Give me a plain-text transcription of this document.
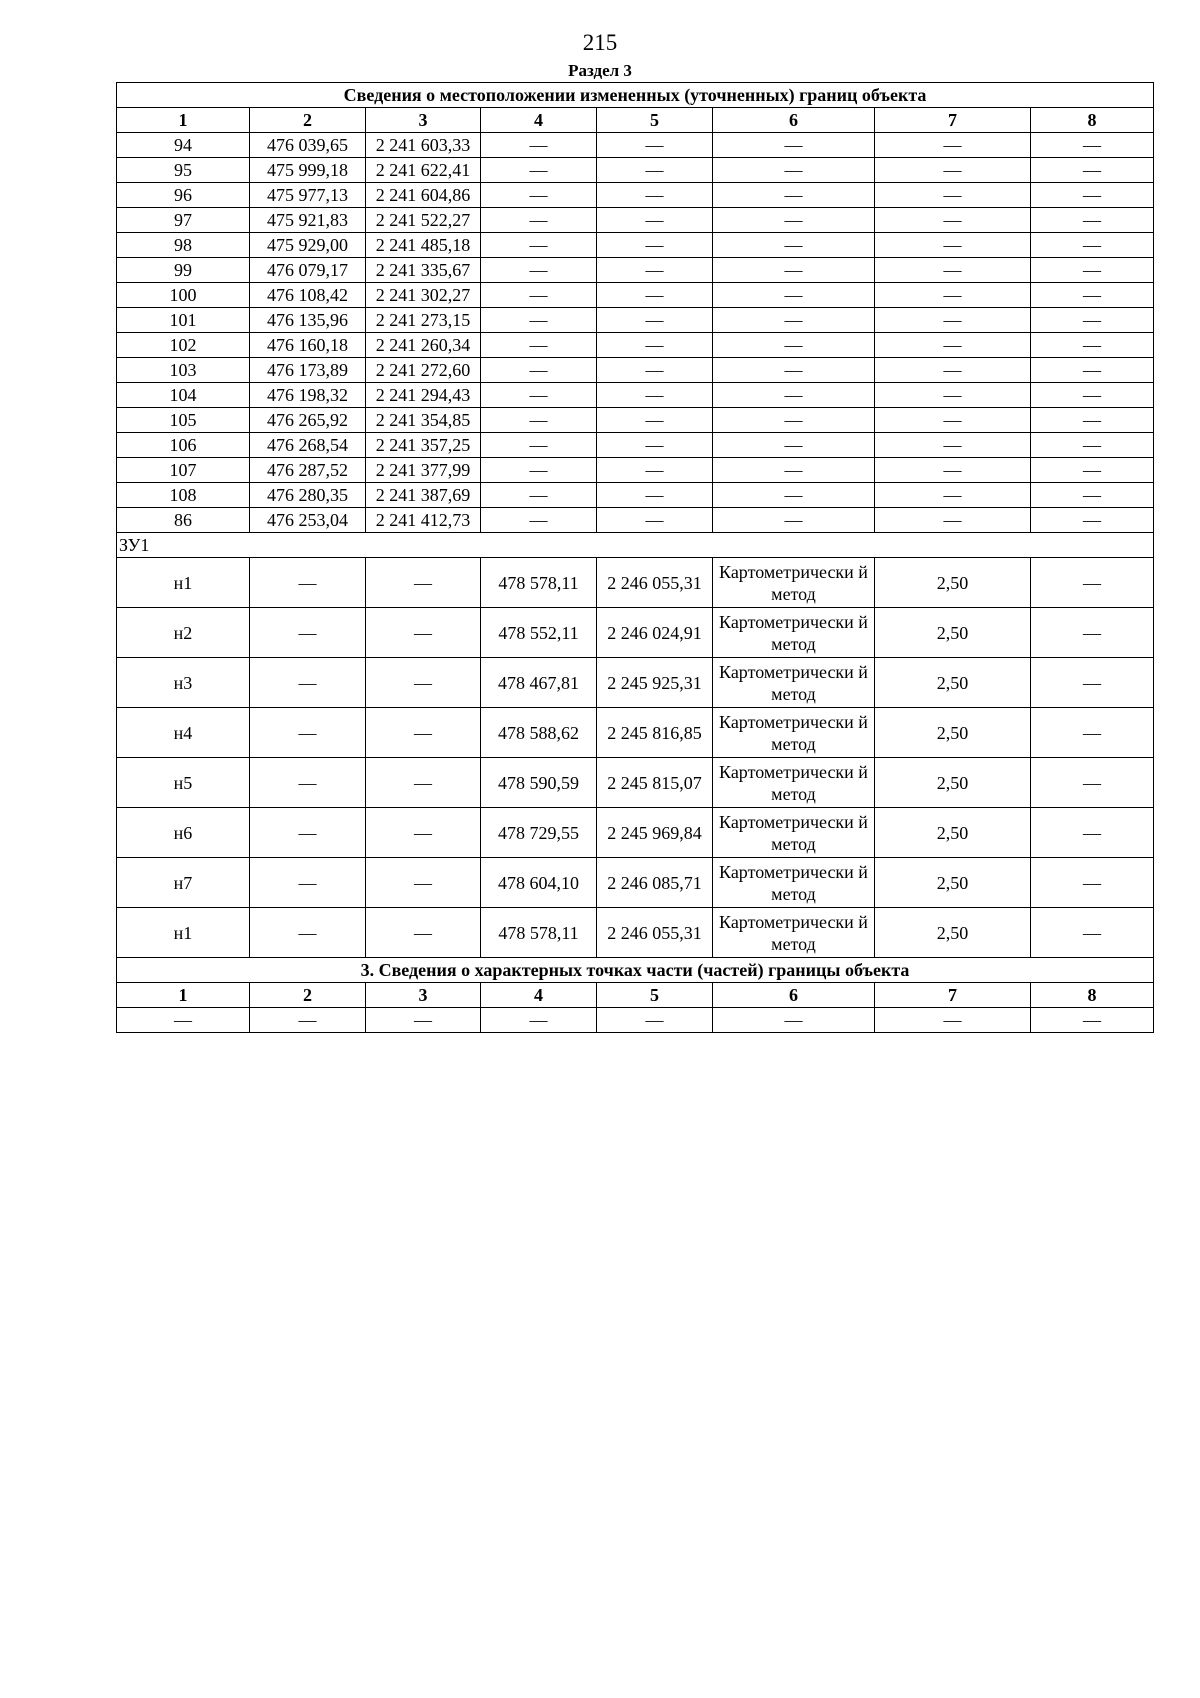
215
Раздел 3
Сведения о местоположении измененных (уточненных) границ объекта							
1	2	3	4	5	6	7	8
94	476 039,65	2 241 603,33	—	—	—	—	—
95	475 999,18	2 241 622,41	—	—	—	—	—
96	475 977,13	2 241 604,86	—	—	—	—	—
97	475 921,83	2 241 522,27	—	—	—	—	—
98	475 929,00	2 241 485,18	—	—	—	—	—
99	476 079,17	2 241 335,67	—	—	—	—	—
100	476 108,42	2 241 302,27	—	—	—	—	—
101	476 135,96	2 241 273,15	—	—	—	—	—
102	476 160,18	2 241 260,34	—	—	—	—	—
103	476 173,89	2 241 272,60	—	—	—	—	—
104	476 198,32	2 241 294,43	—	—	—	—	—
105	476 265,92	2 241 354,85	—	—	—	—	—
106	476 268,54	2 241 357,25	—	—	—	—	—
107	476 287,52	2 241 377,99	—	—	—	—	—
108	476 280,35	2 241 387,69	—	—	—	—	—
86	476 253,04	2 241 412,73	—	—	—	—	—
ЗУ1							
н1	—	—	478 578,11	2 246 055,31	Картометрически й метод	2,50	—
н2	—	—	478 552,11	2 246 024,91	Картометрически й метод	2,50	—
н3	—	—	478 467,81	2 245 925,31	Картометрически й метод	2,50	—
н4	—	—	478 588,62	2 245 816,85	Картометрически й метод	2,50	—
н5	—	—	478 590,59	2 245 815,07	Картометрически й метод	2,50	—
н6	—	—	478 729,55	2 245 969,84	Картометрически й метод	2,50	—
н7	—	—	478 604,10	2 246 085,71	Картометрически й метод	2,50	—
н1	—	—	478 578,11	2 246 055,31	Картометрически й метод	2,50	—
3. Сведения о характерных точках части (частей) границы объекта							
1	2	3	4	5	6	7	8
—	—	—	—	—	—	—	—
